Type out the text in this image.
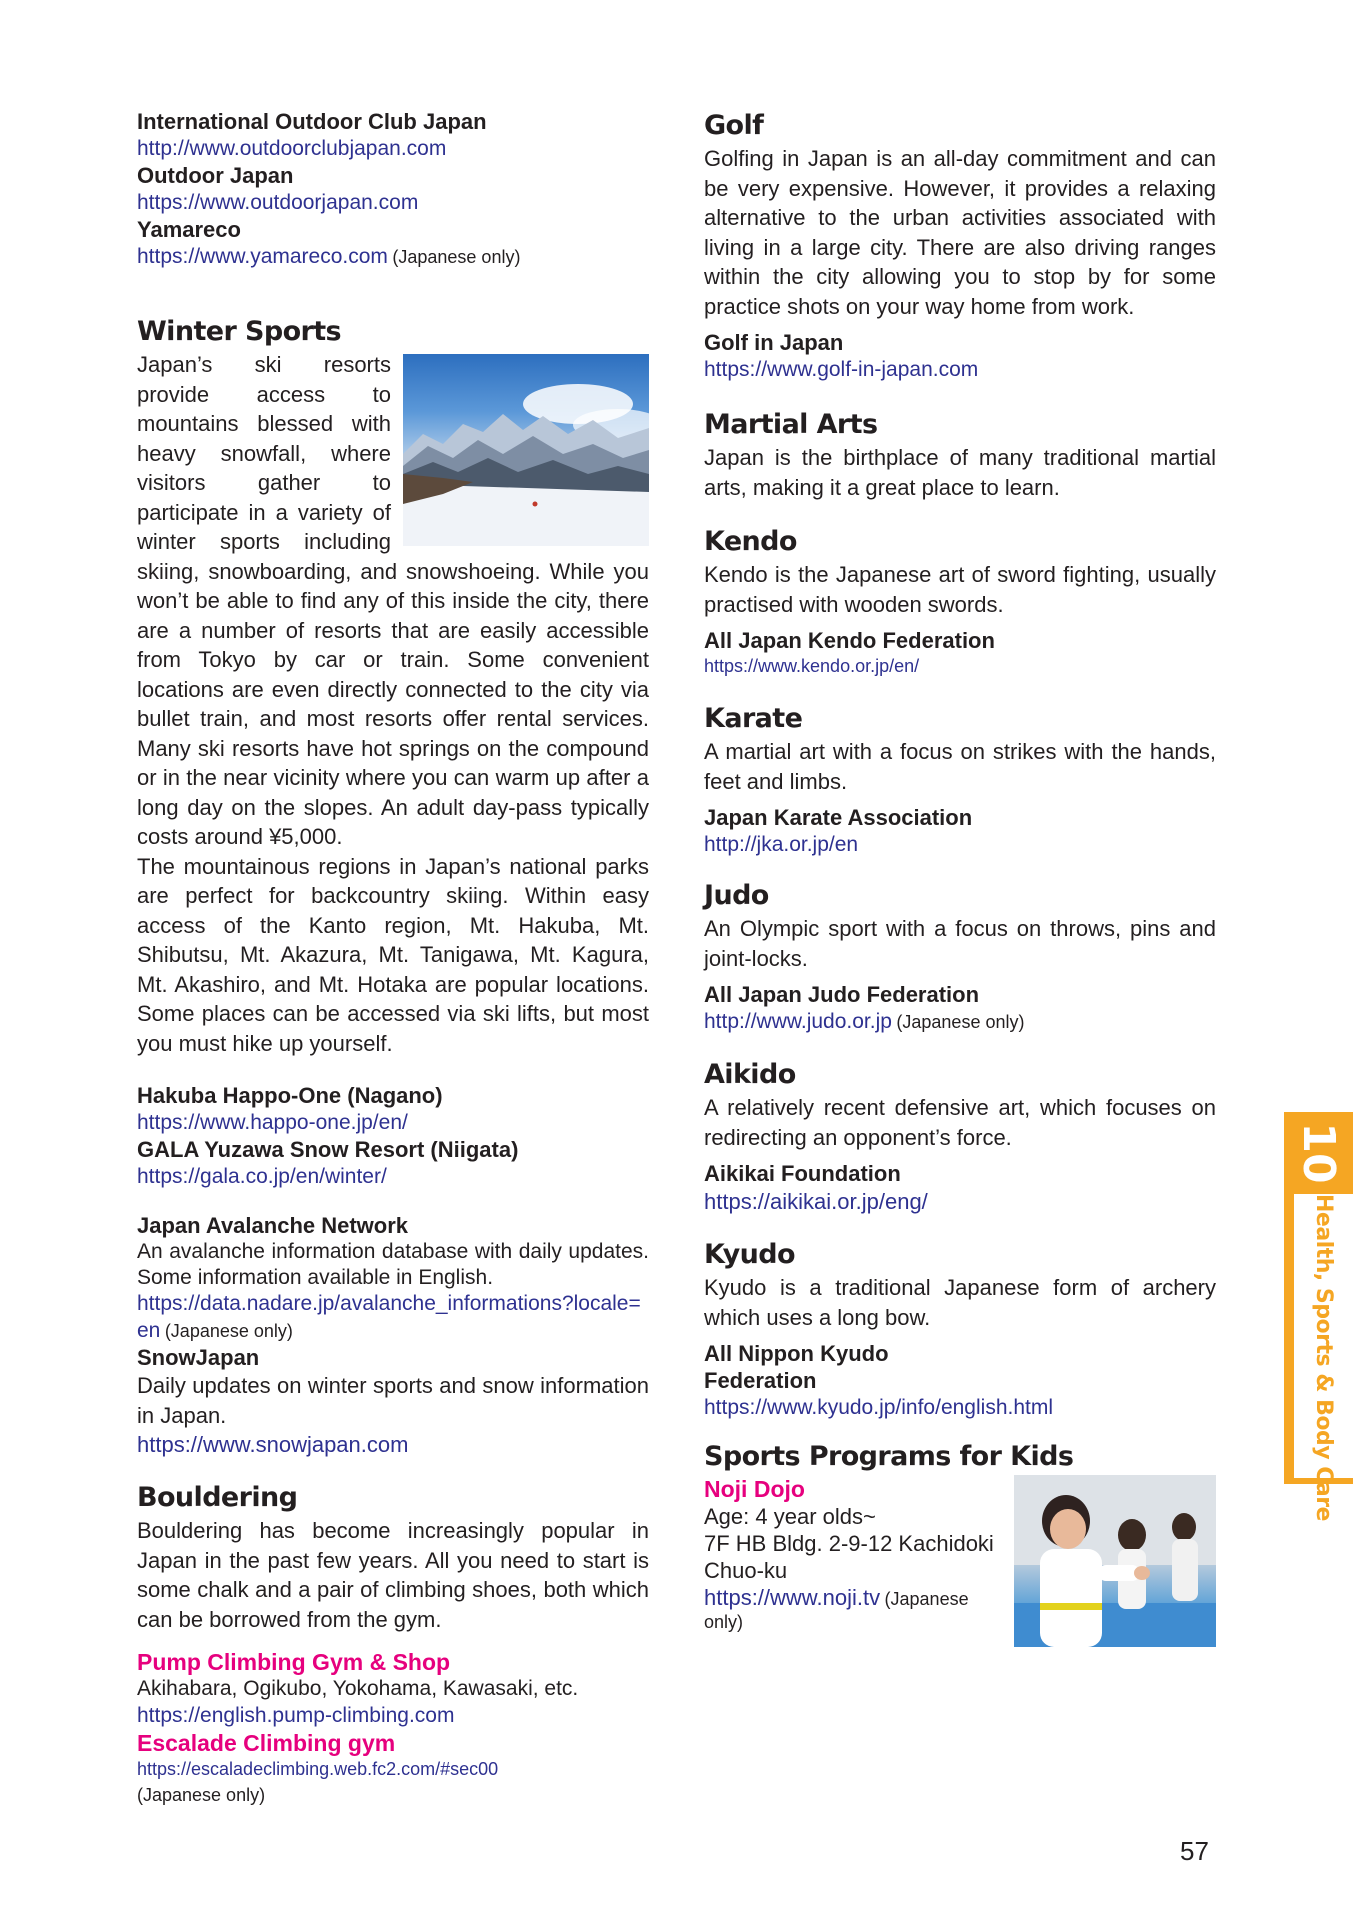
International Outdoor Club Japan
http://www.outdoorclubjapan.com
Outdoor Japan
https://www.outdoorjapan.com
Yamareco
https://www.yamareco.com (Japanese only)
Winter Sports

Japan’s ski resorts provide access to mountains blessed with heavy snowfall, where visitors gather to participate in a variety of winter sports including skiing, snowboarding, and snowshoeing. While you won’t be able to find any of this inside the city, there are a number of resorts that are easily accessible from Tokyo by car or train. Some convenient locations are even directly connected to the city via bullet train, and most resorts offer rental services. Many ski resorts have hot springs on the compound or in the near vicinity where you can warm up after a long day on the slopes. An adult day-pass typically costs around ¥5,000.

The mountainous regions in Japan’s national parks are perfect for backcountry skiing. Within easy access of the Kanto region, Mt. Hakuba, Mt. Shibutsu, Mt. Akazura, Mt. Tanigawa, Mt. Kagura, Mt. Akashiro, and Mt. Hotaka are popular locations. Some places can be accessed via ski lifts, but most you must hike up yourself.

Hakuba Happo-One (Nagano)
https://www.happo-one.jp/en/
GALA Yuzawa Snow Resort (Niigata)
https://gala.co.jp/en/winter/
Japan Avalanche Network

An avalanche information database with daily updates. Some information available in English.

https://data.nadare.jp/avalanche_informations?locale=en (Japanese only)
SnowJapan

Daily updates on winter sports and snow information in Japan.

https://www.snowjapan.com
Bouldering

Bouldering has become increasingly popular in Japan in the past few years. All you need to start is some chalk and a pair of climbing shoes, both which can be borrowed from the gym.

Pump Climbing Gym & Shop
Akihabara, Ogikubo, Yokohama, Kawasaki, etc.
https://english.pump-climbing.com
Escalade Climbing gym
https://escaladeclimbing.web.fc2.com/#sec00
(Japanese only)
Golf

Golfing in Japan is an all-day commitment and can be very expensive. However, it provides a relaxing alternative to the urban activities associated with living in a large city. There are also driving ranges within the city allowing you to stop by for some practice shots on your way home from work.

Golf in Japan
https://www.golf-in-japan.com
Martial Arts

Japan is the birthplace of many traditional martial arts, making it a great place to learn.

Kendo

Kendo is the Japanese art of sword fighting, usually practised with wooden swords.

All Japan Kendo Federation
https://www.kendo.or.jp/en/
Karate

A martial art with a focus on strikes with the hands, feet and limbs.

Japan Karate Association
http://jka.or.jp/en
Judo

An Olympic sport with a focus on throws, pins and joint-locks.

All Japan Judo Federation
http://www.judo.or.jp (Japanese only)
Aikido

A relatively recent defensive art, which focuses on redirecting an opponent’s force.

Aikikai Foundation
https://aikikai.or.jp/eng/
Kyudo

Kyudo is a traditional Japanese form of archery which uses a long bow.

All Nippon Kyudo
Federation
https://www.kyudo.jp/info/english.html
Sports Programs for Kids
Noji Dojo
Age: 4 year olds~
7F HB Bldg. 2-9-12 Kachidoki Chuo-ku
https://www.noji.tv (Japanese only)
10
Health, Sports & Body Care
57
